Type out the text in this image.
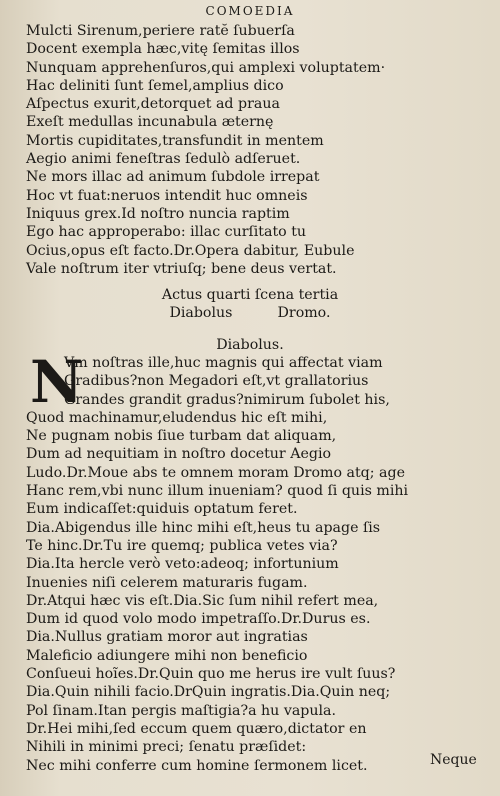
COMOEDIA
Mulcti Sirenum,periere ratĕ ſubuerſa
Docent exempla hæc,vitę ſemitas illos
Nunquam apprehenſuros,qui amplexi voluptatem·
Hac deliniti ſunt ſemel,amplius dico
Aſpectus exurit,detorquet ad praua
Exeſt medullas incunabula æternę
Mortis cupiditates,transfundit in mentem
Aegio animi feneſtras ſedulò adſeruet.
Ne mors illac ad animum ſubdole irrepat
Hoc vt fuat:neruos intendit huc omneis
Iniquus grex.Id noſtro nuncia raptim
Ego hac approperabo: illac curſitato tu
Ocius,opus eſt facto.Dr.Opera dabitur, Eubule
Vale noſtrum iter vtriuſq; bene deus vertat.
Actus quarti ſcena tertia
Diabolus          Dromo.
Diabolus.
N
Vm noſtras ille,huc magnis qui affectat viam
Gradibus?non Megadori eſt,vt grallatorius
Grandes grandit gradus?nimirum ſubolet his,
Quod machinamur,eludendus hic eſt mihi,
Ne pugnam nobis ſiue turbam dat aliquam,
Dum ad nequitiam in noſtro docetur Aegio
Ludo.Dr.Moue abs te omnem moram Dromo atq; age
Hanc rem,vbi nunc illum inueniam? quod ſi quis mihi
Eum indicaſſet:quiduis optatum feret.
Dia.Abigendus ille hinc mihi eſt,heus tu apage ſis
Te hinc.Dr.Tu ire quemq; publica vetes via?
Dia.Ita hercle verò veto:adeoq; infortunium
Inuenies niſi celerem maturaris fugam.
Dr.Atqui hæc vis eſt.Dia.Sic ſum nihil refert mea,
Dum id quod volo modo impetraſſo.Dr.Durus es.
Dia.Nullus gratiam moror aut ingratias
Maleficio adiungere mihi non beneficio
Conſueui hoĩes.Dr.Quin quo me herus ire vult ſuus?
Dia.Quin nihili facio.DrQuin ingratis.Dia.Quin neq;
Pol ſinam.Itan pergis maſtigia?a hu vapula.
Dr.Hei mihi,ſed eccum quem quæro,dictator en
Nihili in minimi preci; ſenatu præſidet:
Nec mihi conferre cum homine ſermonem licet.	Neque
